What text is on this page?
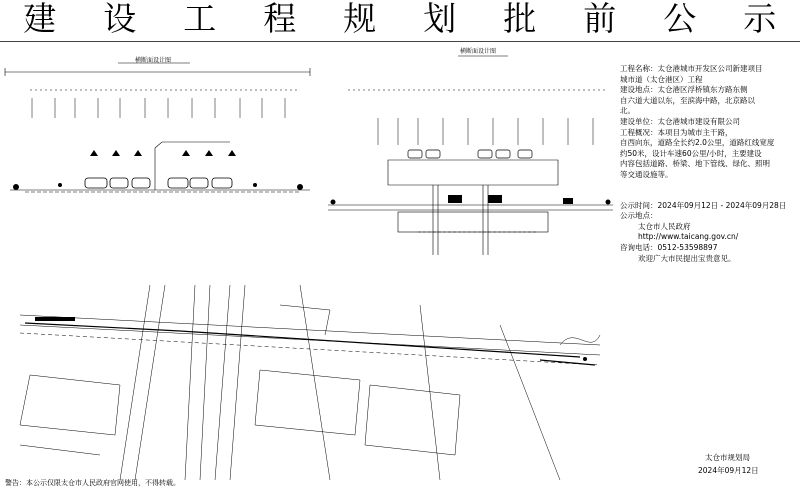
建 设 工 程 规 划 批 前 公 示
横断面设计图
横断面设计图
工程名称：太仓港城市开发区公司新建项目
城市道（太仓港区）工程
建设地点：太仓港区浮桥镇东方路东侧
自六道大道以东，至滨海中路，北京路以
北。
建设单位：太仓港城市建设有限公司
工程概况：本项目为城市主干路，
自西向东，道路全长约2.0公里，道路红线宽度
约50米，设计车速60公里/小时，主要建设
内容包括道路、桥梁、地下管线、绿化、照明
等交通设施等。
公示时间：2024年09月12日 - 2024年09月28日
公示地点：
太仓市人民政府
http://www.taicang.gov.cn/
咨询电话：0512-53598897
欢迎广大市民提出宝贵意见。
太仓市规划局
2024年09月12日
警告：本公示仅限太仓市人民政府官网使用，不得转载。
